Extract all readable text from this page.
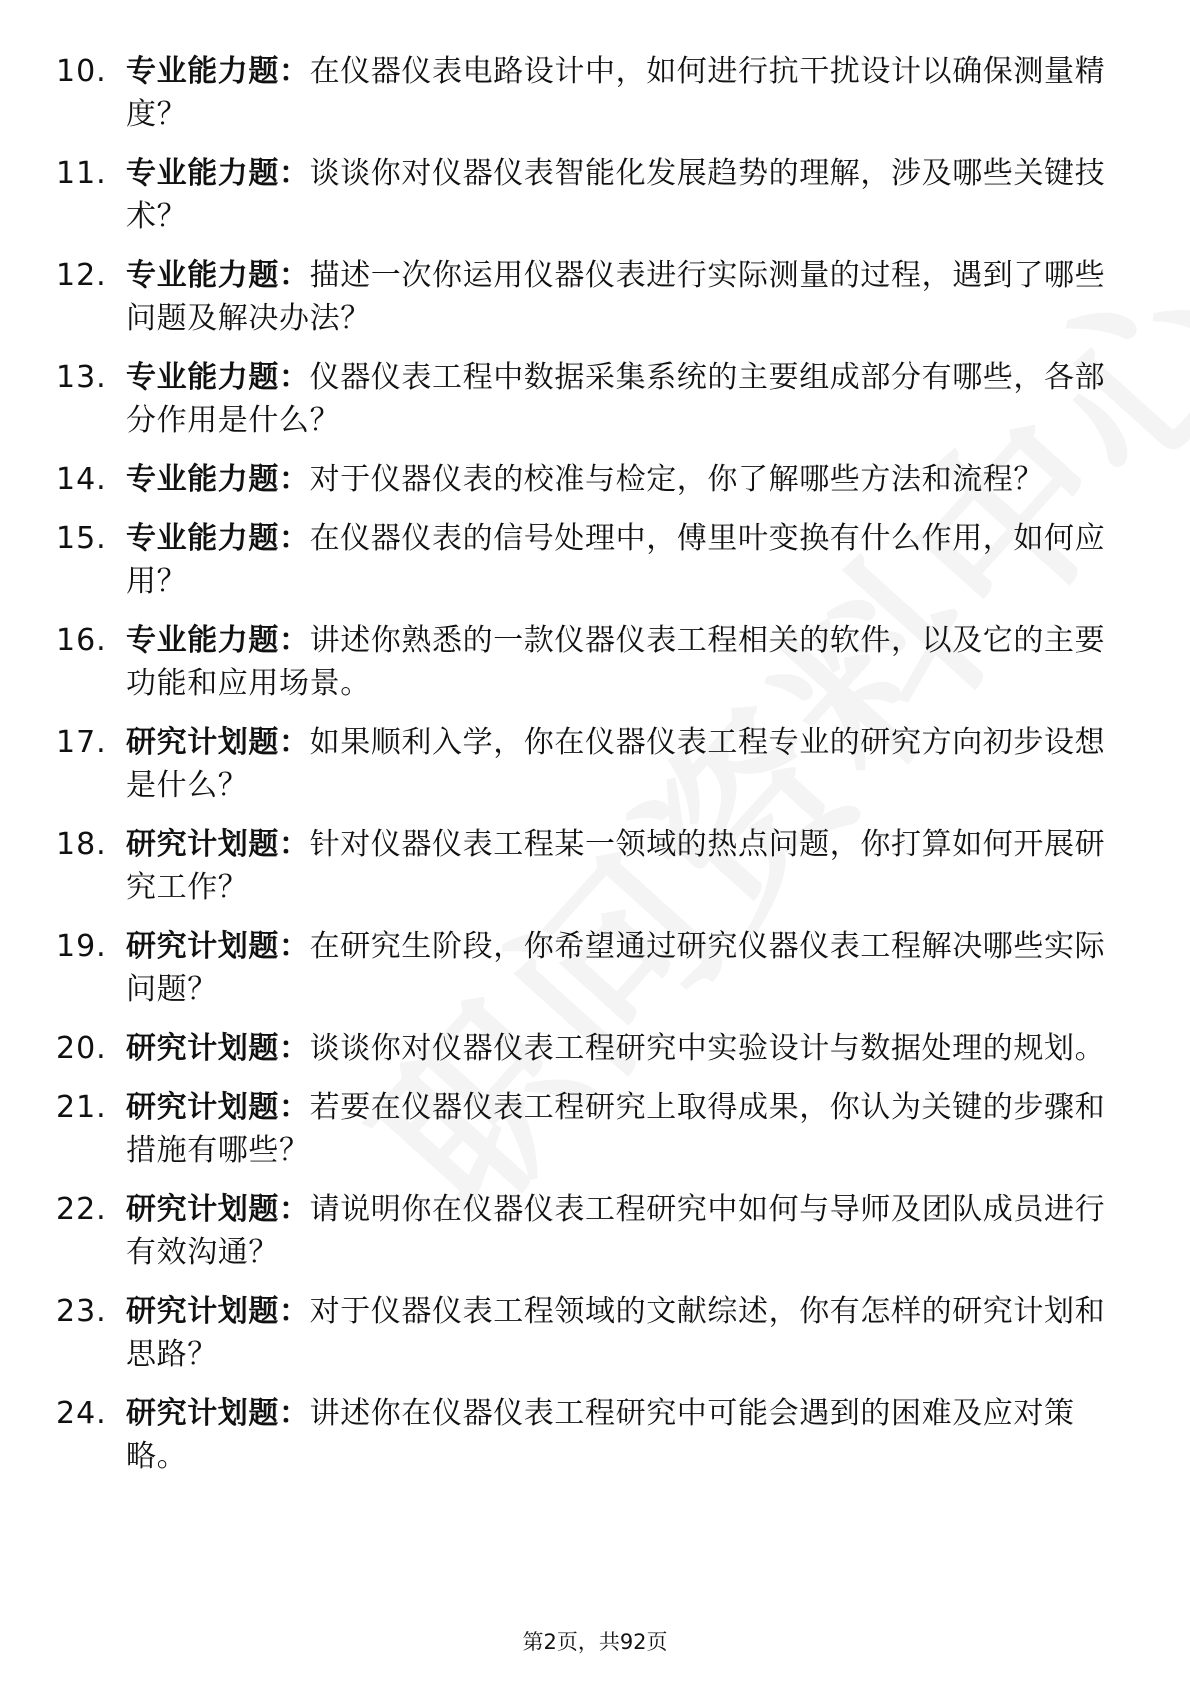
10. 专业能力题：在仪器仪表电路设计中，如何进行抗干扰设计以确保测量精度？
11. 专业能力题：谈谈你对仪器仪表智能化发展趋势的理解，涉及哪些关键技术？
12. 专业能力题：描述一次你运用仪器仪表进行实际测量的过程，遇到了哪些问题及解决办法？
13. 专业能力题：仪器仪表工程中数据采集系统的主要组成部分有哪些，各部分作用是什么？
14. 专业能力题：对于仪器仪表的校准与检定，你了解哪些方法和流程？
15. 专业能力题：在仪器仪表的信号处理中，傅里叶变换有什么作用，如何应用？
16. 专业能力题：讲述你熟悉的一款仪器仪表工程相关的软件，以及它的主要功能和应用场景。
17. 研究计划题：如果顺利入学，你在仪器仪表工程专业的研究方向初步设想是什么？
18. 研究计划题：针对仪器仪表工程某一领域的热点问题，你打算如何开展研究工作？
19. 研究计划题：在研究生阶段，你希望通过研究仪器仪表工程解决哪些实际问题？
20. 研究计划题：谈谈你对仪器仪表工程研究中实验设计与数据处理的规划。
21. 研究计划题：若要在仪器仪表工程研究上取得成果，你认为关键的步骤和措施有哪些？
22. 研究计划题：请说明你在仪器仪表工程研究中如何与导师及团队成员进行有效沟通？
23. 研究计划题：对于仪器仪表工程领域的文献综述，你有怎样的研究计划和思路？
24. 研究计划题：讲述你在仪器仪表工程研究中可能会遇到的困难及应对策略。
第2页，共92页
